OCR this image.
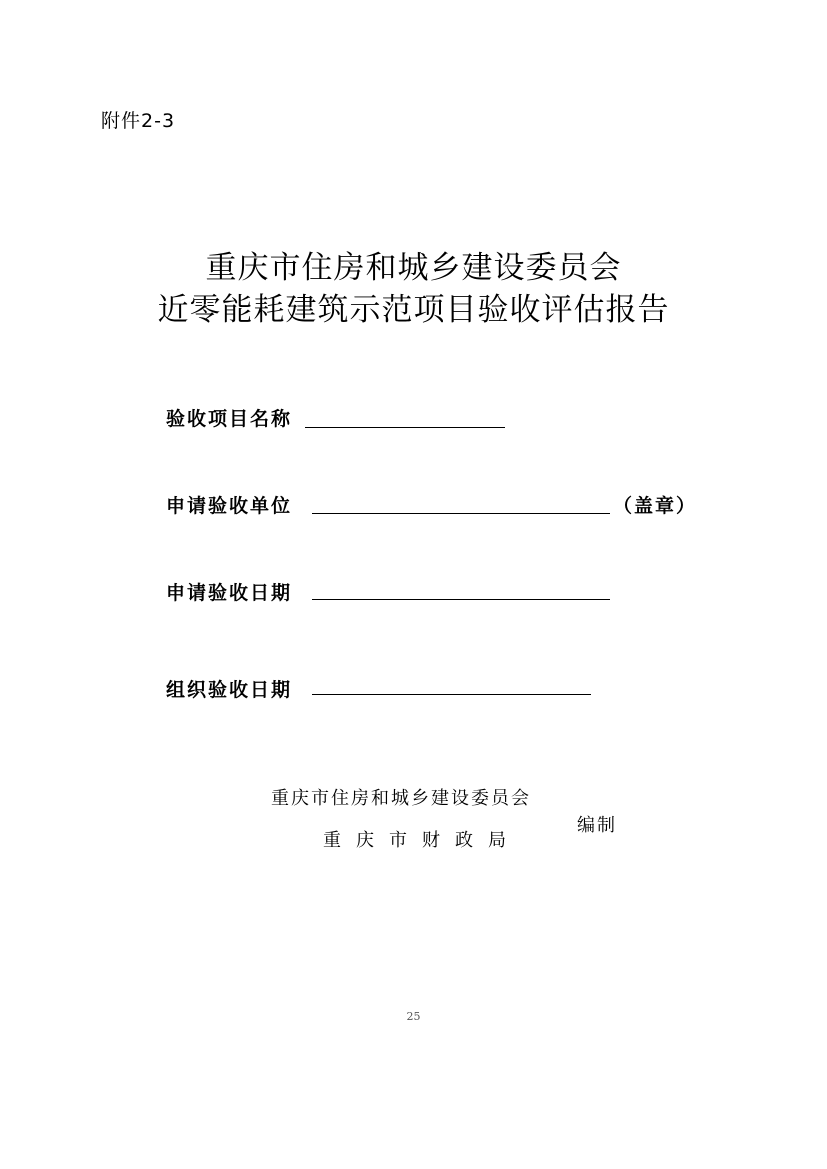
附件2-3
重庆市住房和城乡建设委员会
近零能耗建筑示范项目验收评估报告
验收项目名称
申请验收单位	（盖章）
申请验收日期
组织验收日期
重庆市住房和城乡建设委员会
重庆市财政局
编制
25
